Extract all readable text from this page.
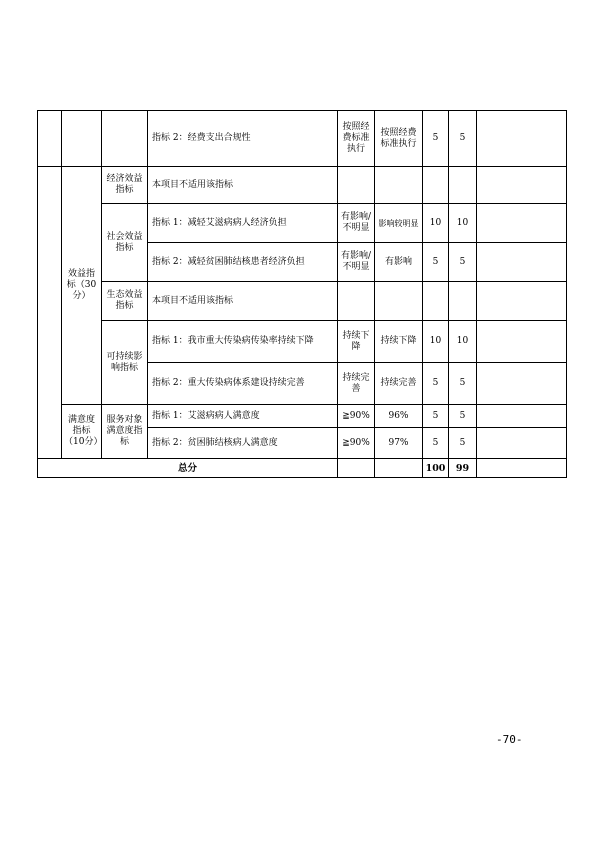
			指标 2：经费支出合规性	按照经费标准执行	按照经费标准执行	5	5	
	效益指标（30分）	经济效益指标	本项目不适用该指标					
		社会效益指标	指标 1：减轻艾滋病病人经济负担	有影响/不明显	影响较明显	10	10	
			指标 2：减轻贫困肺结核患者经济负担	有影响/不明显	有影响	5	5	
		生态效益指标	本项目不适用该指标					
		可持续影响指标	指标 1：我市重大传染病传染率持续下降	持续下降	持续下降	10	10	
			指标 2：重大传染病体系建设持续完善	持续完善	持续完善	5	5	
	满意度指标（10分）	服务对象满意度指标	指标 1：艾滋病病人满意度	≧90%	96%	5	5	
			指标 2：贫困肺结核病人满意度	≧90%	97%	5	5	
总分						100	99	
-70-
